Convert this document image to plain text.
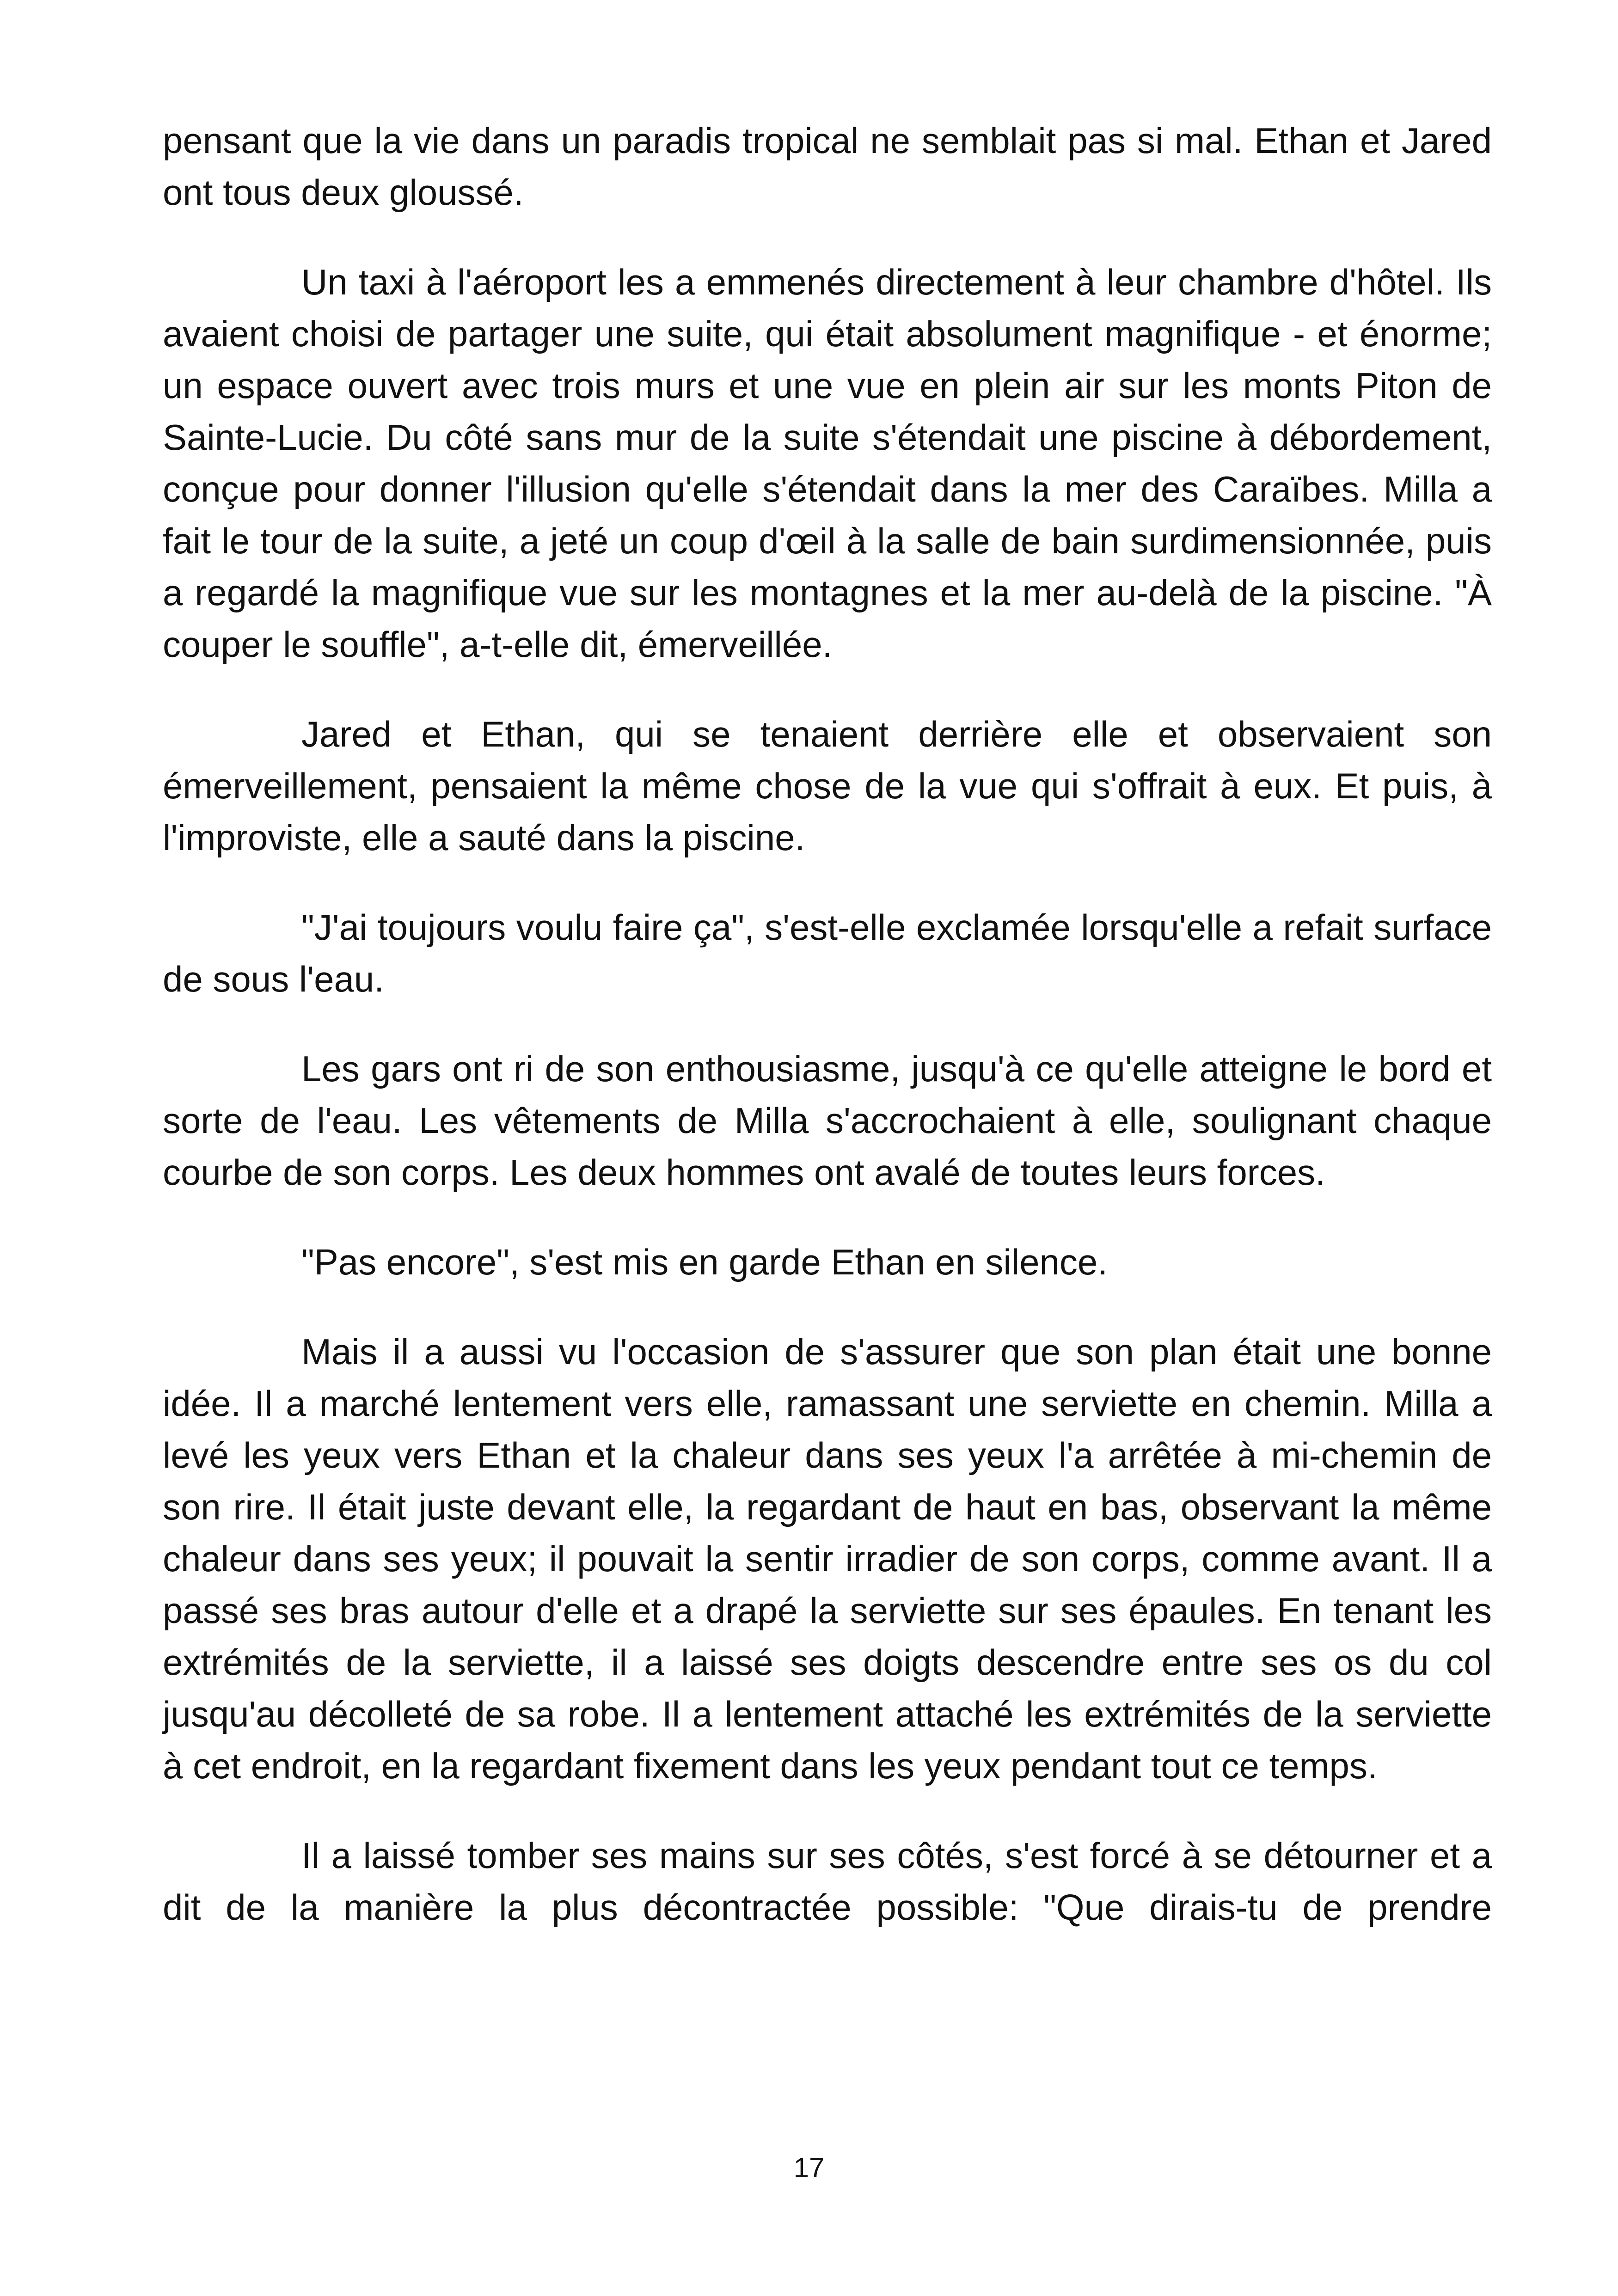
pensant que la vie dans un paradis tropical ne semblait pas si mal. Ethan et Jared ont tous deux gloussé.

Un taxi à l'aéroport les a emmenés directement à leur chambre d'hôtel. Ils avaient choisi de partager une suite, qui était absolument magnifique - et énorme; un espace ouvert avec trois murs et une vue en plein air sur les monts Piton de Sainte-Lucie. Du côté sans mur de la suite s'étendait une piscine à débordement, conçue pour donner l'illusion qu'elle s'étendait dans la mer des Caraïbes. Milla a fait le tour de la suite, a jeté un coup d'œil à la salle de bain surdimensionnée, puis a regardé la magnifique vue sur les montagnes et la mer au-delà de la piscine. "À couper le souffle", a-t-elle dit, émerveillée.

Jared et Ethan, qui se tenaient derrière elle et observaient son émerveillement, pensaient la même chose de la vue qui s'offrait à eux. Et puis, à l'improviste, elle a sauté dans la piscine.

"J'ai toujours voulu faire ça", s'est-elle exclamée lorsqu'elle a refait surface de sous l'eau.

Les gars ont ri de son enthousiasme, jusqu'à ce qu'elle atteigne le bord et sorte de l'eau. Les vêtements de Milla s'accrochaient à elle, soulignant chaque courbe de son corps. Les deux hommes ont avalé de toutes leurs forces.

"Pas encore", s'est mis en garde Ethan en silence.

Mais il a aussi vu l'occasion de s'assurer que son plan était une bonne idée. Il a marché lentement vers elle, ramassant une serviette en chemin. Milla a levé les yeux vers Ethan et la chaleur dans ses yeux l'a arrêtée à mi-chemin de son rire. Il était juste devant elle, la regardant de haut en bas, observant la même chaleur dans ses yeux; il pouvait la sentir irradier de son corps, comme avant. Il a passé ses bras autour d'elle et a drapé la serviette sur ses épaules. En tenant les extrémités de la serviette, il a laissé ses doigts descendre entre ses os du col jusqu'au décolleté de sa robe. Il a lentement attaché les extrémités de la serviette à cet endroit, en la regardant fixement dans les yeux pendant tout ce temps.

Il a laissé tomber ses mains sur ses côtés, s'est forcé à se détourner et a dit de la manière la plus décontractée possible: "Que dirais-tu de prendre

17
